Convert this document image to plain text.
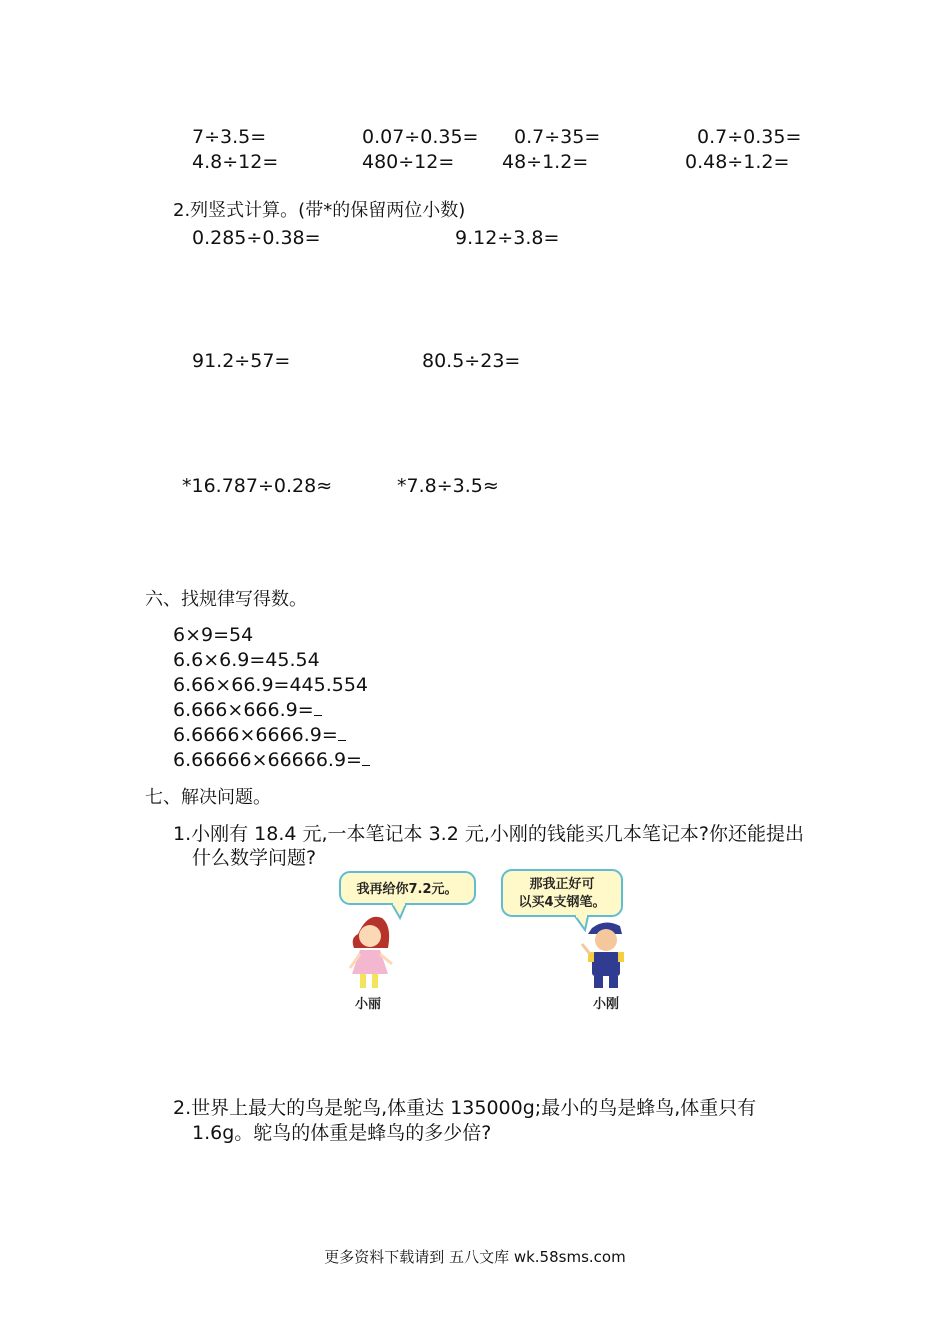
7÷3.5=	0.07÷0.35= 0.7÷35=	0.7÷0.35=
4.8÷12=	480÷12=	48÷1.2=	0.48÷1.2=
2.列竖式计算。(带*的保留两位小数)
0.285÷0.38=	9.12÷3.8=
91.2÷57=	80.5÷23=
*16.787÷0.28≈	*7.8÷3.5≈
六、找规律写得数。
6×9=54
6.6×6.9=45.54
6.66×66.9=445.554
6.666×666.9=
6.6666×6666.9=
6.66666×66666.9=
七、解决问题。
1.小刚有 18.4 元,一本笔记本 3.2 元,小刚的钱能买几本笔记本?你还能提出
什么数学问题?
我再给你7.2元。	那我正好可
以买4支钢笔。
小丽	小刚
2.世界上最大的鸟是鸵鸟,体重达 135000g;最小的鸟是蜂鸟,体重只有
1.6g。鸵鸟的体重是蜂鸟的多少倍?
更多资料下载请到 五八文库 wk.58sms.com
